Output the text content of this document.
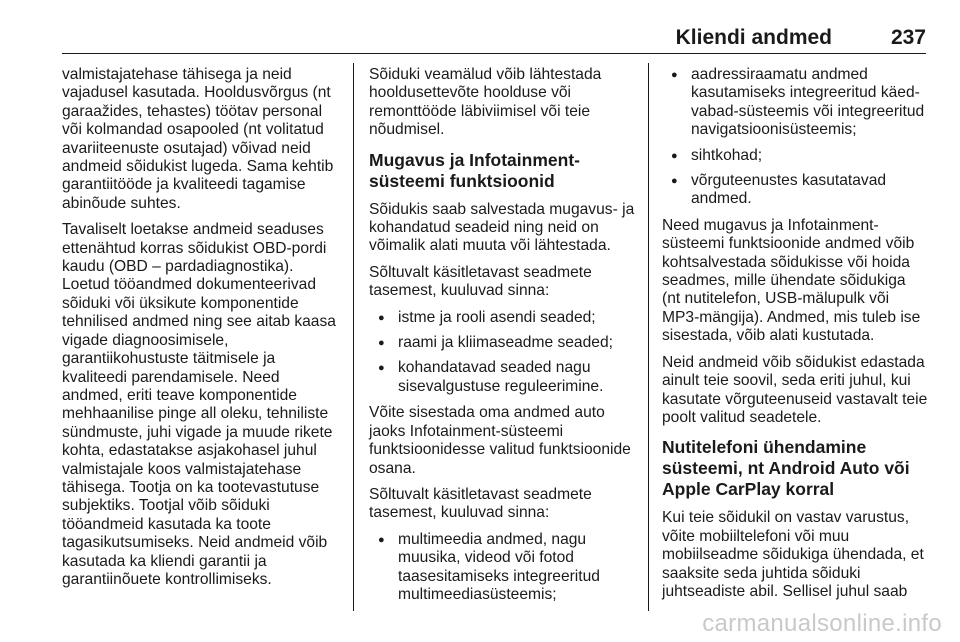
Kliendi andmed	237

valmistajatehase tähisega ja neid vajadusel kasutada. Hooldusvõrgus (nt garaažides, tehastes) töötav personal või kolmandad osapooled (nt volitatud avariiteenuste osutajad) võivad neid andmeid sõidukist lugeda. Sama kehtib garantiitööde ja kvaliteedi tagamise abinõude suhtes.

Tavaliselt loetakse andmeid seaduses ettenähtud korras sõidukist OBD-pordi kaudu (OBD – pardadiagnostika). Loetud tööandmed dokumenteerivad sõiduki või üksikute komponentide tehnilised andmed ning see aitab kaasa vigade diagnoosimisele, garantiikohustuste täitmisele ja kvaliteedi parendamisele. Need andmed, eriti teave komponentide mehhaanilise pinge all oleku, tehniliste sündmuste, juhi vigade ja muude rikete kohta, edastatakse asjakohasel juhul valmistajale koos valmistajatehase tähisega. Tootja on ka tootevastutuse subjektiks. Tootjal võib sõiduki tööandmeid kasutada ka toote tagasikutsumiseks. Neid andmeid võib kasutada ka kliendi garantii ja garantiinõuete kontrollimiseks.

Sõiduki veamälud võib lähtestada hooldusettevõte hoolduse või remonttööde läbiviimisel või teie nõudmisel.

Mugavus ja Infotainment-süsteemi funktsioonid

Sõidukis saab salvestada mugavus- ja kohandatud seadeid ning neid on võimalik alati muuta või lähtestada.

Sõltuvalt käsitletavast seadmete tasemest, kuuluvad sinna:

● istme ja rooli asendi seaded;
● raami ja kliimaseadme seaded;
● kohandatavad seaded nagu sisevalgustuse reguleerimine.

Võite sisestada oma andmed auto jaoks Infotainment-süsteemi funktsioonidesse valitud funktsioonide osana.

Sõltuvalt käsitletavast seadmete tasemest, kuuluvad sinna:

● multimeedia andmed, nagu muusika, videod või fotod taasesitamiseks integreeritud multimeediasüsteemis;
● aadressiraamatu andmed kasutamiseks integreeritud käed-vabad-süsteemis või integreeritud navigatsioonisüsteemis;
● sihtkohad;
● võrguteenustes kasutatavad andmed.

Need mugavus ja Infotainment-süsteemi funktsioonide andmed võib kohtsalvestada sõidukisse või hoida seadmes, mille ühendate sõidukiga (nt nutitelefon, USB-mälupulk või MP3-mängija). Andmed, mis tuleb ise sisestada, võib alati kustutada.

Neid andmeid võib sõidukist edastada ainult teie soovil, seda eriti juhul, kui kasutate võrguteenuseid vastavalt teie poolt valitud seadetele.

Nutitelefoni ühendamine süsteemi, nt Android Auto või Apple CarPlay korral

Kui teie sõidukil on vastav varustus, võite mobiiltelefoni või muu mobiilseadme sõidukiga ühendada, et saaksite seda juhtida sõiduki juhtseadiste abil. Sellisel juhul saab

carmanualsonline.info
